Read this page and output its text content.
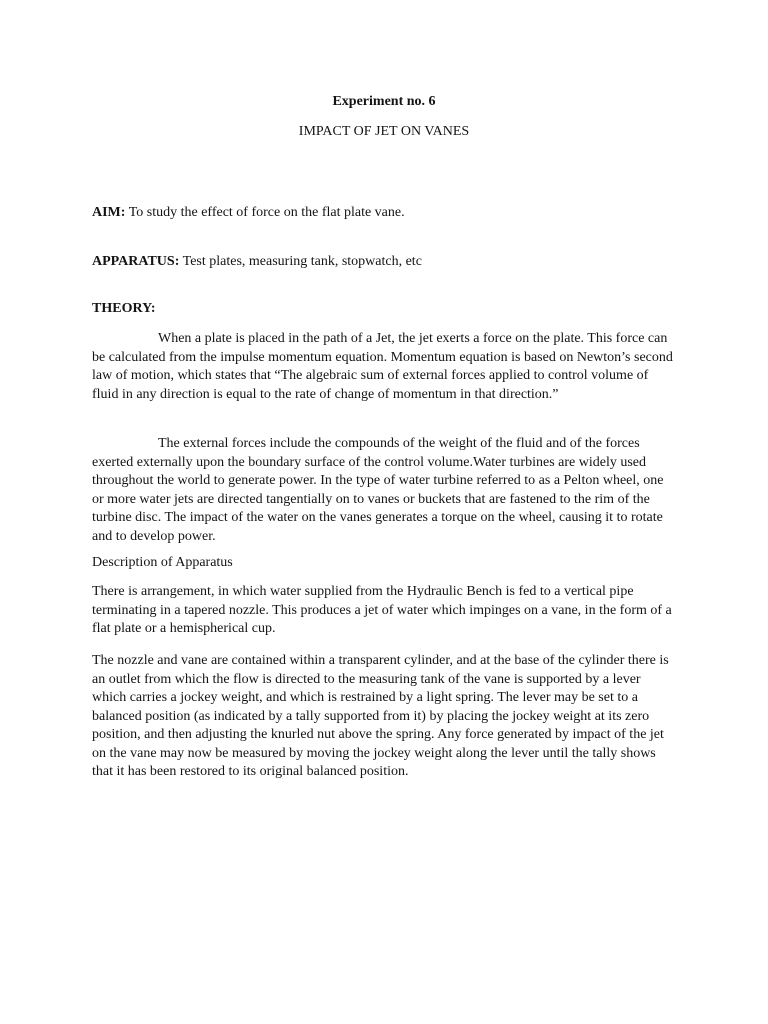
Experiment no. 6
IMPACT OF JET ON VANES
AIM: To study the effect of force on the flat plate vane.
APPARATUS: Test plates, measuring tank, stopwatch, etc
THEORY:

When a plate is placed in the path of a Jet, the jet exerts a force on the plate. This force can be calculated from the impulse momentum equation. Momentum equation is based on Newton’s second law of motion, which states that “The algebraic sum of external forces applied to control volume of fluid in any direction is equal to the rate of change of momentum in that direction.”

The external forces include the compounds of the weight of the fluid and of the forces exerted externally upon the boundary surface of the control volume.Water turbines are widely used throughout the world to generate power. In the type of water turbine referred to as a Pelton wheel, one or more water jets are directed tangentially on to vanes or buckets that are fastened to the rim of the turbine disc. The impact of the water on the vanes generates a torque on the wheel, causing it to rotate and to develop power.

Description of Apparatus

There is arrangement, in which water supplied from the Hydraulic Bench is fed to a vertical pipe terminating in a tapered nozzle. This produces a jet of water which impinges on a vane, in the form of a flat plate or a hemispherical cup.

The nozzle and vane are contained within a transparent cylinder, and at the base of the cylinder there is an outlet from which the flow is directed to the measuring tank of the vane is supported by a lever which carries a jockey weight, and which is restrained by a light spring. The lever may be set to a balanced position (as indicated by a tally supported from it) by placing the jockey weight at its zero position, and then adjusting the knurled nut above the spring. Any force generated by impact of the jet on the vane may now be measured by moving the jockey weight along the lever until the tally shows that it has been restored to its original balanced position.
